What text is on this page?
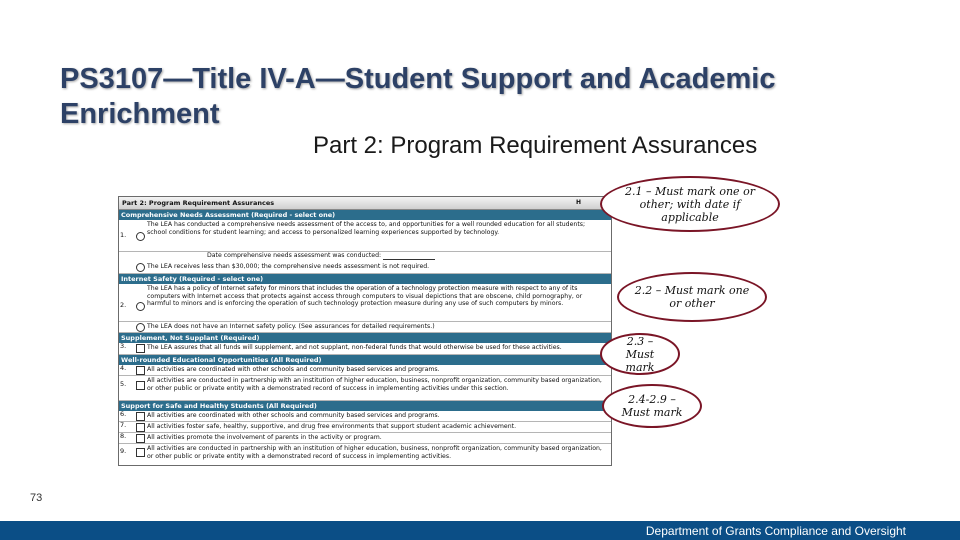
PS3107—Title IV-A—Student Support and Academic Enrichment
Part 2: Program Requirement Assurances
Part 2: Program Requirement Assurances	H
Comprehensive Needs Assessment (Required - select one)
1.
The LEA has conducted a comprehensive needs assessment of the access to, and opportunities for a well rounded education for all students; school conditions for student learning; and access to personalized learning experiences supported by technology.
Date comprehensive needs assessment was conducted:
The LEA receives less than $30,000; the comprehensive needs assessment is not required.
Internet Safety (Required - select one)
2.
The LEA has a policy of Internet safety for minors that includes the operation of a technology protection measure with respect to any of its computers with Internet access that protects against access through computers to visual depictions that are obscene, child pornography, or harmful to minors and is enforcing the operation of such technology protection measure during any use of such computers by minors.
The LEA does not have an Internet safety policy. (See assurances for detailed requirements.)
Supplement, Not Supplant (Required)
3.	The LEA assures that all funds will supplement, and not supplant, non-federal funds that would otherwise be used for these activities.
Well-rounded Educational Opportunities (All Required)
4.	All activities are coordinated with other schools and community based services and programs.
5.	All activities are conducted in partnership with an institution of higher education, business, nonprofit organization, community based organization, or other public or private entity with a demonstrated record of success in implementing activities under this section.
Support for Safe and Healthy Students (All Required)
6.	All activities are coordinated with other schools and community based services and programs.
7.	All activities foster safe, healthy, supportive, and drug free environments that support student academic achievement.
8.	All activities promote the involvement of parents in the activity or program.
9.	All activities are conducted in partnership with an institution of higher education, business, nonprofit organization, community based organization, or other public or private entity with a demonstrated record of success in implementing activities.
2.1 – Must mark one or other; with date if applicable
2.2 – Must mark one or other
2.3 – Must mark
2.4-2.9 – Must mark
73
Department of Grants Compliance and Oversight
